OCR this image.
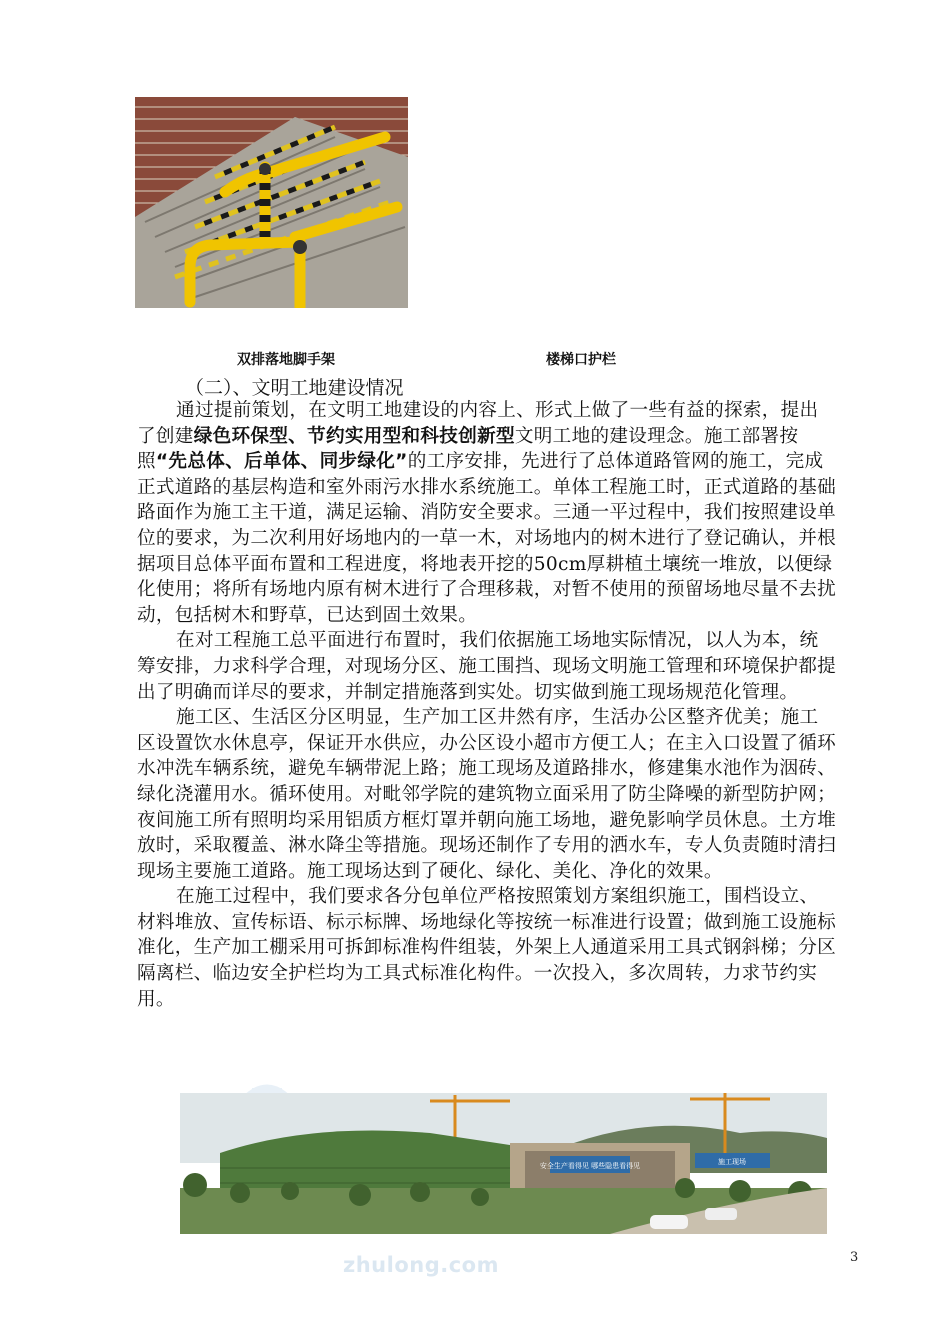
双排落地脚手架	楼梯口护栏
（二）、文明工地建设情况

通过提前策划，在文明工地建设的内容上、形式上做了一些有益的探索，提出了创建绿色环保型、节约实用型和科技创新型文明工地的建设理念。施工部署按照“先总体、后单体、同步绿化”的工序安排，先进行了总体道路管网的施工，完成正式道路的基层构造和室外雨污水排水系统施工。单体工程施工时，正式道路的基础路面作为施工主干道，满足运输、消防安全要求。三通一平过程中，我们按照建设单位的要求，为二次利用好场地内的一草一木，对场地内的树木进行了登记确认，并根据项目总体平面布置和工程进度，将地表开挖的50cm厚耕植土壤统一堆放，以便绿化使用；将所有场地内原有树木进行了合理移栽，对暂不使用的预留场地尽量不去扰动，包括树木和野草，已达到固土效果。

在对工程施工总平面进行布置时，我们依据施工场地实际情况，以人为本，统筹安排，力求科学合理，对现场分区、施工围挡、现场文明施工管理和环境保护都提出了明确而详尽的要求，并制定措施落到实处。切实做到施工现场规范化管理。

施工区、生活区分区明显，生产加工区井然有序，生活办公区整齐优美；施工区设置饮水休息亭，保证开水供应，办公区设小超市方便工人；在主入口设置了循环水冲洗车辆系统，避免车辆带泥上路；施工现场及道路排水，修建集水池作为洇砖、绿化浇灌用水。循环使用。对毗邻学院的建筑物立面采用了防尘降噪的新型防护网；夜间施工所有照明均采用铝质方框灯罩并朝向施工场地，避免影响学员休息。土方堆放时，采取覆盖、淋水降尘等措施。现场还制作了专用的洒水车，专人负责随时清扫现场主要施工道路。施工现场达到了硬化、绿化、美化、净化的效果。

在施工过程中，我们要求各分包单位严格按照策划方案组织施工，围档设立、材料堆放、宣传标语、标示标牌、场地绿化等按统一标准进行设置；做到施工设施标准化，生产加工棚采用可拆卸标准构件组装，外架上人通道采用工具式钢斜梯；分区隔离栏、临边安全护栏均为工具式标准化构件。一次投入，多次周转，力求节约实用。

安全生产看得见 哪些隐患看得见	施工现场
zhulong.com	3
